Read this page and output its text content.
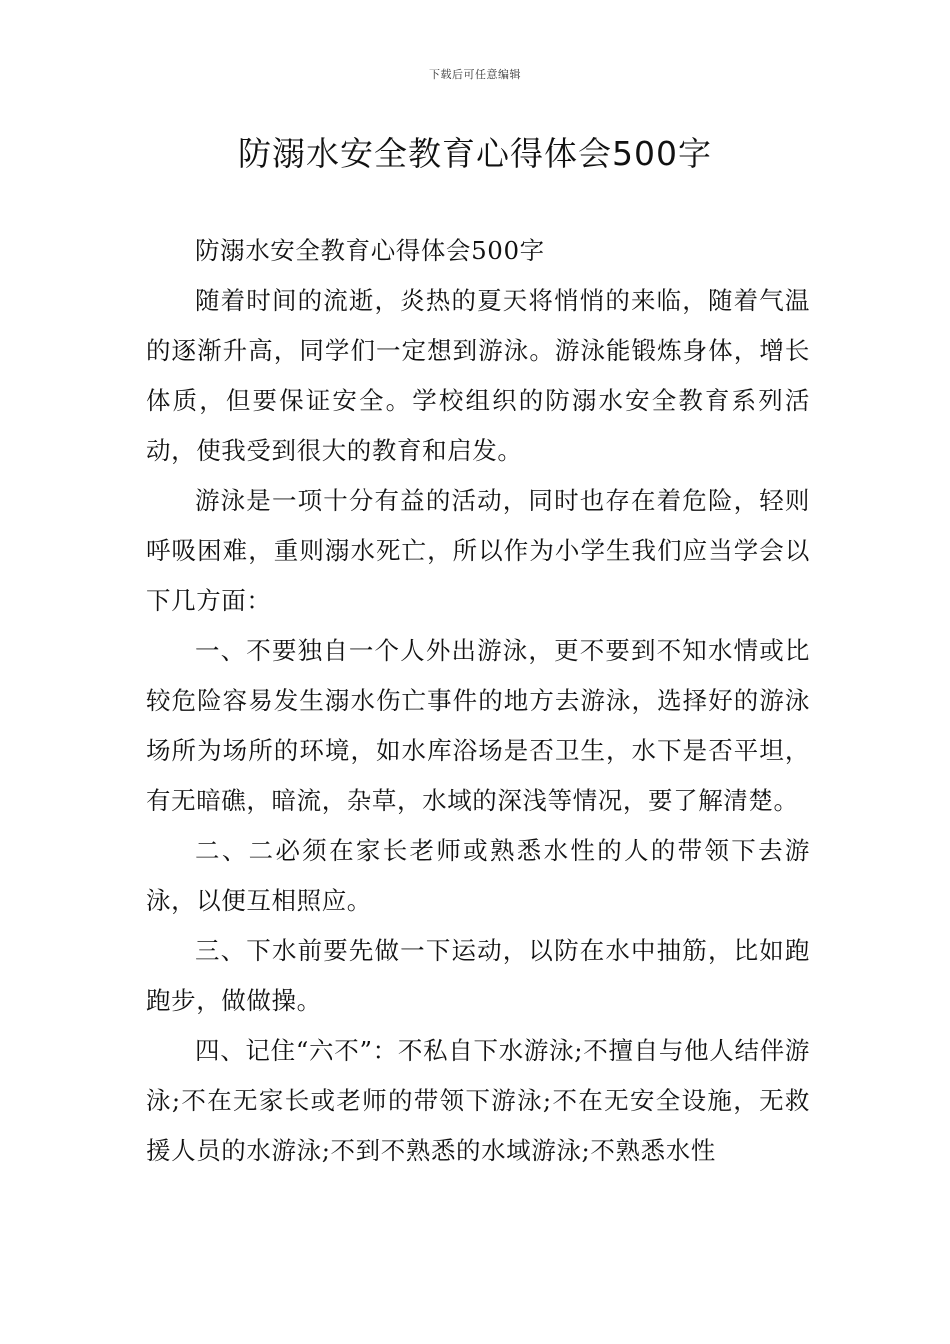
下载后可任意编辑
防溺水安全教育心得体会500字

防溺水安全教育心得体会500字

随着时间的流逝，炎热的夏天将悄悄的来临，随着气温的逐渐升高，同学们一定想到游泳。游泳能锻炼身体，增长体质，但要保证安全。学校组织的防溺水安全教育系列活动，使我受到很大的教育和启发。

游泳是一项十分有益的活动，同时也存在着危险，轻则呼吸困难，重则溺水死亡，所以作为小学生我们应当学会以下几方面：

一、不要独自一个人外出游泳，更不要到不知水情或比较危险容易发生溺水伤亡事件的地方去游泳，选择好的游泳场所为场所的环境，如水库浴场是否卫生，水下是否平坦，有无暗礁，暗流，杂草，水域的深浅等情况，要了解清楚。

二、二必须在家长老师或熟悉水性的人的带领下去游泳，以便互相照应。

三、下水前要先做一下运动，以防在水中抽筋，比如跑跑步，做做操。

四、记住“六不”：不私自下水游泳;不擅自与他人结伴游泳;不在无家长或老师的带领下游泳;不在无安全设施，无救援人员的水游泳;不到不熟悉的水域游泳;不熟悉水性
